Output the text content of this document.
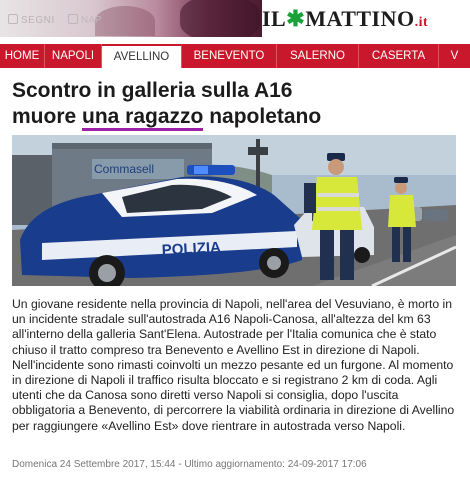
SEGNI	NAP	IL✱MATTINO.it
HOME NAPOLI AVELLINO BENEVENTO SALERNO CASERTA V
Scontro in galleria sulla A16
muore una ragazzo napoletano
Commasell
POLIZIA
Un giovane residente nella provincia di Napoli, nell'area del Vesuviano, è morto in un incidente stradale sull'autostrada A16 Napoli-Canosa, all'altezza del km 63 all'interno della galleria Sant'Elena. Autostrade per l'Italia comunica che è stato chiuso il tratto compreso tra Benevento e Avellino Est in direzione di Napoli. Nell'incidente sono rimasti coinvolti un mezzo pesante ed un furgone. Al momento in direzione di Napoli il traffico risulta bloccato e si registrano 2 km di coda. Agli utenti che da Canosa sono diretti verso Napoli si consiglia, dopo l'uscita obbligatoria a Benevento, di percorrere la viabilità ordinaria in direzione di Avellino per raggiungere «Avellino Est» dove rientrare in autostrada verso Napoli.
Domenica 24 Settembre 2017, 15:44 - Ultimo aggiornamento: 24-09-2017 17:06
